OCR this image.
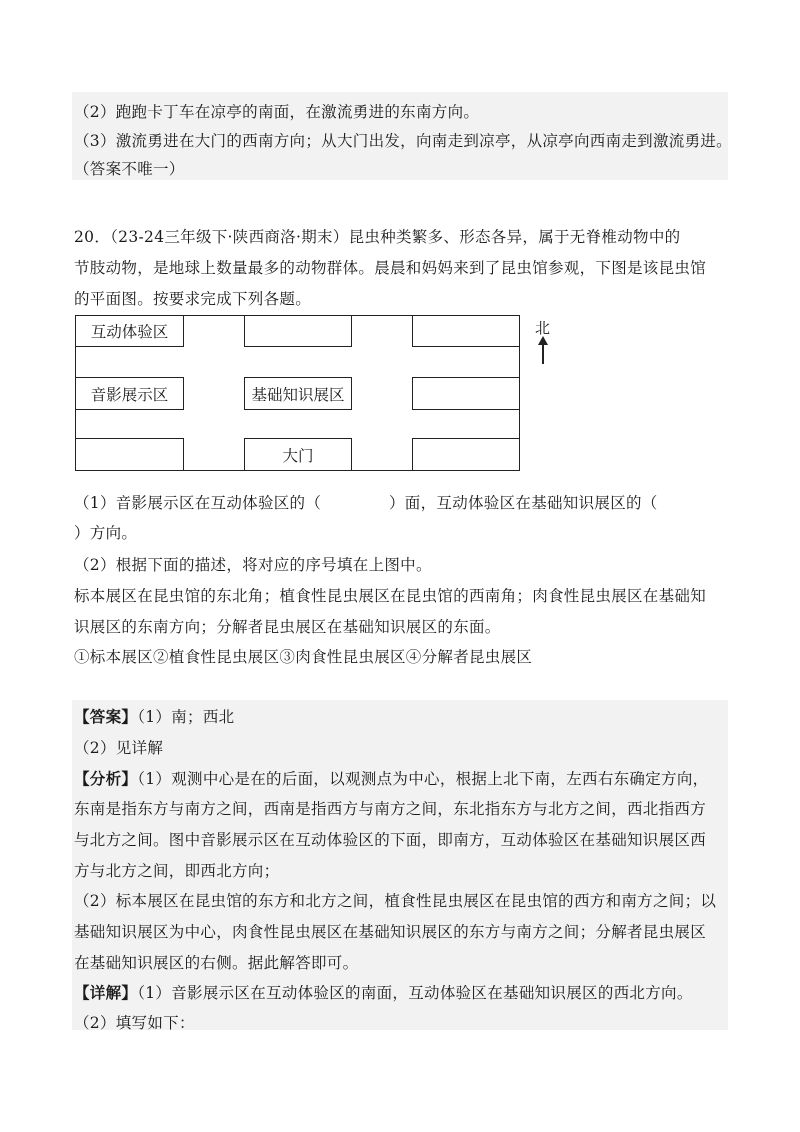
（2）跑跑卡丁车在凉亭的南面，在激流勇进的东南方向。
（3）激流勇进在大门的西南方向；从大门出发，向南走到凉亭，从凉亭向西南走到激流勇进。
（答案不唯一）
20．（23-24三年级下·陕西商洛·期末）昆虫种类繁多、形态各异，属于无脊椎动物中的
节肢动物，是地球上数量最多的动物群体。晨晨和妈妈来到了昆虫馆参观，下图是该昆虫馆
的平面图。按要求完成下列各题。
互动体验区
音影展示区	基础知识展区
大门
北
（1）音影展示区在互动体验区的（	）面，互动体验区在基础知识展区的（
）方向。
（2）根据下面的描述，将对应的序号填在上图中。
标本展区在昆虫馆的东北角；植食性昆虫展区在昆虫馆的西南角；肉食性昆虫展区在基础知
识展区的东南方向；分解者昆虫展区在基础知识展区的东面。
①标本展区②植食性昆虫展区③肉食性昆虫展区④分解者昆虫展区
【答案】（1）南；西北
（2）见详解
【分析】（1）观测中心是在的后面，以观测点为中心，根据上北下南，左西右东确定方向，
东南是指东方与南方之间，西南是指西方与南方之间，东北指东方与北方之间，西北指西方
与北方之间。图中音影展示区在互动体验区的下面，即南方，互动体验区在基础知识展区西
方与北方之间，即西北方向；
（2）标本展区在昆虫馆的东方和北方之间，植食性昆虫展区在昆虫馆的西方和南方之间；以
基础知识展区为中心，肉食性昆虫展区在基础知识展区的东方与南方之间；分解者昆虫展区
在基础知识展区的右侧。据此解答即可。
【详解】（1）音影展示区在互动体验区的南面，互动体验区在基础知识展区的西北方向。
（2）填写如下：
